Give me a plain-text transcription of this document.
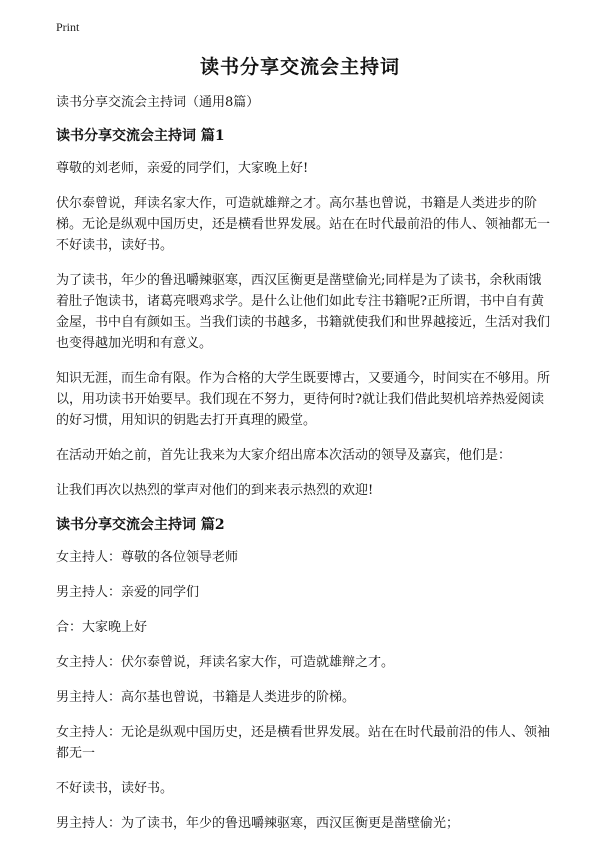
Print
读书分享交流会主持词

读书分享交流会主持词（通用8篇）

读书分享交流会主持词 篇1

尊敬的刘老师，亲爱的同学们，大家晚上好!

伏尔泰曾说，拜读名家大作，可造就雄辩之才。高尔基也曾说，书籍是人类进步的阶梯。无论是纵观中国历史，还是横看世界发展。站在在时代最前沿的伟人、领袖都无一不好读书，读好书。

为了读书，年少的鲁迅嚼辣驱寒，西汉匡衡更是凿壁偷光;同样是为了读书，余秋雨饿着肚子饱读书，诸葛亮喂鸡求学。是什么让他们如此专注书籍呢?正所谓，书中自有黄金屋，书中自有颜如玉。当我们读的书越多，书籍就使我们和世界越接近，生活对我们也变得越加光明和有意义。

知识无涯，而生命有限。作为合格的大学生既要博古，又要通今，时间实在不够用。所以，用功读书开始要早。我们现在不努力，更待何时?就让我们借此契机培养热爱阅读的好习惯，用知识的钥匙去打开真理的殿堂。

在活动开始之前，首先让我来为大家介绍出席本次活动的领导及嘉宾，他们是：

让我们再次以热烈的掌声对他们的到来表示热烈的欢迎!

读书分享交流会主持词 篇2

女主持人：尊敬的各位领导老师

男主持人：亲爱的同学们

合：大家晚上好

女主持人：伏尔泰曾说，拜读名家大作，可造就雄辩之才。

男主持人：高尔基也曾说，书籍是人类进步的阶梯。

女主持人：无论是纵观中国历史，还是横看世界发展。站在在时代最前沿的伟人、领袖都无一

不好读书，读好书。

男主持人：为了读书，年少的鲁迅嚼辣驱寒，西汉匡衡更是凿壁偷光；
